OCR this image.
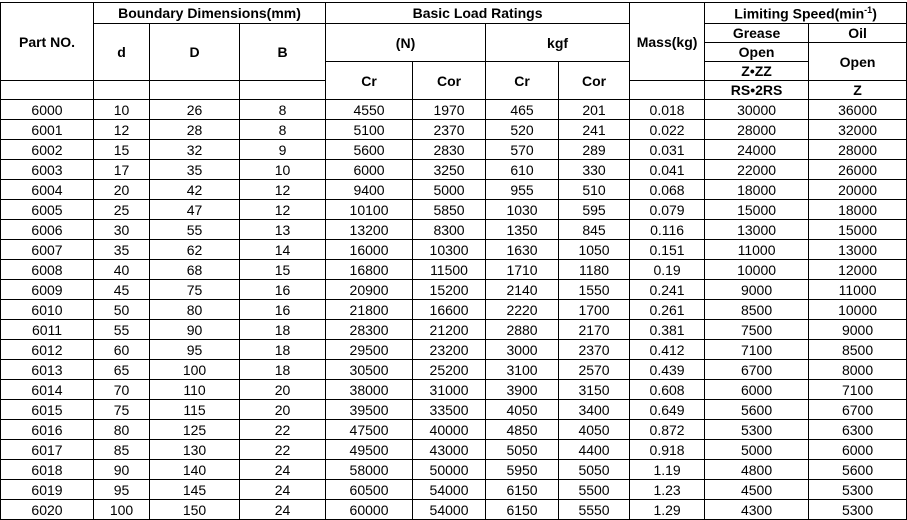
Part NO.	Boundary Dimensions(mm)			Basic Load Ratings				Mass(kg)	Limiting $Speed(\min^{-1})$	
	d	D	B	(N)		kgf			Grease	Oil
									Open	Open
				Cr	Cor	Cr	Cor		Z•ZZ	
									RS•2RS	Z
6000	10	26	8	4550	1970	465	201	0.018	30000	36000
6001	12	28	8	5100	2370	520	241	0.022	28000	32000
6002	15	32	9	5600	2830	570	289	0.031	24000	28000
6003	17	35	10	6000	3250	610	330	0.041	22000	26000
6004	20	42	12	9400	5000	955	510	0.068	18000	20000
6005	25	47	12	10100	5850	1030	595	0.079	15000	18000
6006	30	55	13	13200	8300	1350	845	0.116	13000	15000
6007	35	62	14	16000	10300	1630	1050	0.151	11000	13000
6008	40	68	15	16800	11500	1710	1180	0.19	10000	12000
6009	45	75	16	20900	15200	2140	1550	0.241	9000	11000
6010	50	80	16	21800	16600	2220	1700	0.261	8500	10000
6011	55	90	18	28300	21200	2880	2170	0.381	7500	9000
6012	60	95	18	29500	23200	3000	2370	0.412	7100	8500
6013	65	100	18	30500	25200	3100	2570	0.439	6700	8000
6014	70	110	20	38000	31000	3900	3150	0.608	6000	7100
6015	75	115	20	39500	33500	4050	3400	0.649	5600	6700
6016	80	125	22	47500	40000	4850	4050	0.872	5300	6300
6017	85	130	22	49500	43000	5050	4400	0.918	5000	6000
6018	90	140	24	58000	50000	5950	5050	1.19	4800	5600
6019	95	145	24	60500	54000	6150	5500	1.23	4500	5300
6020	100	150	24	60000	54000	6150	5550	1.29	4300	5300
